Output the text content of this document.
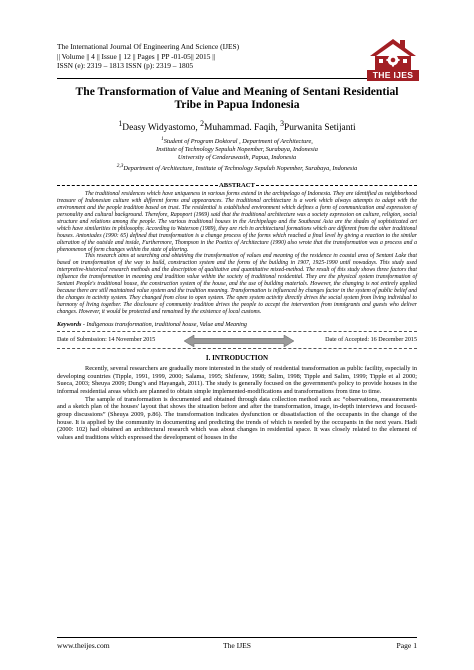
The International Journal Of Engineering And Science (IJES)
|| Volume || 4 || Issue || 12 || Pages || PP -01-05|| 2015 ||
ISSN (e): 2319 – 1813 ISSN (p): 2319 – 1805
THE IJES
The Transformation of Value and Meaning of Sentani Residential Tribe in Papua Indonesia
$^1$Deasy Widyastomo, $^2$Muhammad. Faqih, $^3$Purwanita Setijanti
$^1$Student of Program Doktoral , Department of Architecture,
Institute of Technology Sepuluh Nopember, Surabaya, Indonesia
University of Cenderawasih, Papua, Indonesia
$^{2,3}$Department of Architecture, Institute of Technology Sepuluh Nopember, Surabaya, Indonesia
ABSTRACT
The traditional residences which have uniqueness in various forms extend in the archipelago of Indonesia. They are identified as neighborhood treasure of Indonesian culture with different forms and appearances. The traditional architecture is a work which always attempts to adapt with the environment and the people tradition based on trust. The residential is established environment which defines a form of communication and expression of personality and cultural background. Therefore, Rapoport (1969) said that the traditional architecture was a society expression on culture, religion, social structure and relations among the people. The various traditional houses in the Archipelago and the Southeast Asia are the shades of sophisticated art which have similarities in philosophy. According to Waterson (1989), they are rich in architectural formations which are different from the other traditional houses. Antoniades (1990: 65) defined that transformation is a change process of the forms which reached a final level by giving a reaction to the similar alteration of the outside and inside, Furthermore, Thompson in the Poetics of Architecture (1990) also wrote that the transformation was a process and a phenomenon of form changes within the state of altering.
This research aims at searching and obtaining the transformation of values and meaning of the residence in coastal area of Sentani Lake that based on transformation of the way to build, construction system and the forms of the building in 1907, 1925-1990 until nowadays. This study used interpretive-historical research methods and the description of qualitative and quantitative mixed-method. The result of this study shows three factors that influence the transformation in meaning and tradition value within the society of traditional residential. They are the physical system transformation of Sentani People's traditional house, the construction system of the house, and the use of building materials. However, the changing is not entirely applied because there are still maintained value system and the tradition meaning. Transformation is influenced by changes factor in the system of public belief and the changes in activity system. They changed from close to open system. The open system activity directly drives the social system from living individual to harmony of living together. The disclosure of community tradition drives the people to accept the intervention from immigrants and guests who deliver changes. However, it would be protected and remained by the existence of local customs.
Keywords - Indigenous transformation, traditional house, Value and Meaning
Date of Submission: 14 November 2015	Date of Accepted: 16 December 2015
I. INTRODUCTION
Recently, several researchers are gradually more interested in the study of residential transformation as public facility, especially in developing countries (Tipple, 1991, 1999, 2000; Salama, 1995; Shiferaw, 1998; Salim, 1998; Tipple and Salim, 1999; Tipple et al 2000; Sueca, 2003; Sheuya 2009; Dung’s and Hayangah, 2011). The study is generally focused on the government's policy to provide houses in the informal residential areas which are planned to obtain simple implemented-modifications and transformations from time to time.
The sample of transformation is documented and obtained through data collection method such as: “observations, measurements and a sketch plan of the houses' layout that shows the situation before and after the transformation, image, in-depth interviews and focused-group discussions” (Sheuya 2009, p.86). The transformation indicates dysfunction or dissatisfaction of the occupants in the change of the house. It is applied by the community in documenting and predicting the trends of which is needed by the occupants in the next years. Hadi (2000: 102) had obtained an architectural research which was about changes in residential space. It was closely related to the element of values and traditions which expressed the development of houses in the
www.theijes.com	The IJES	Page 1
